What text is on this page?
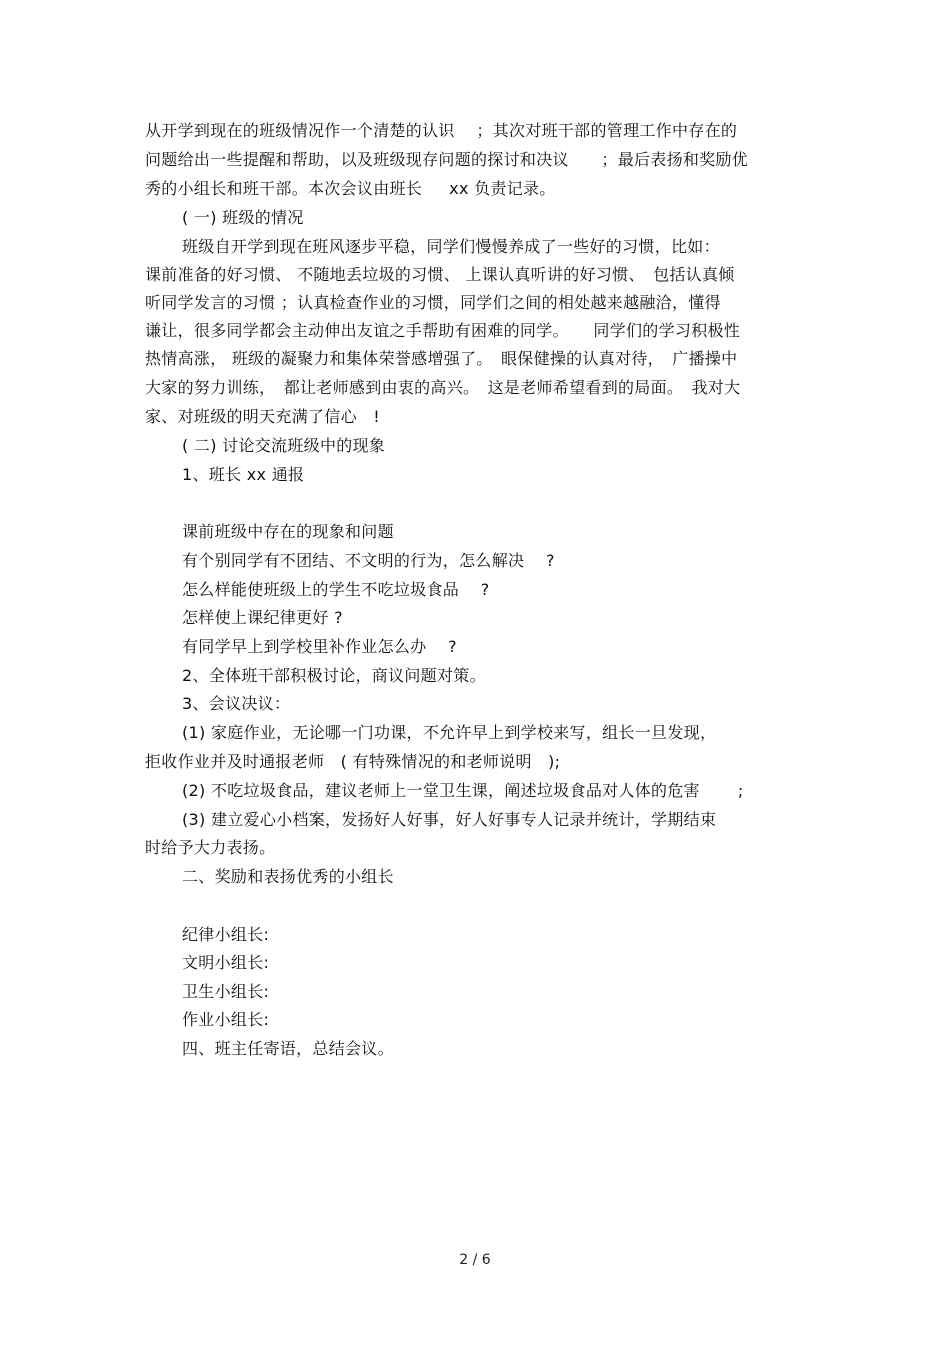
从开学到现在的班级情况作一个清楚的认识　 ；其次对班干部的管理工作中存在的
问题给出一些提醒和帮助，以及班级现存问题的探讨和决议　　；最后表扬和奖励优
秀的小组长和班干部。本次会议由班长　  xx 负责记录。
( 一) 班级的情况
班级自开学到现在班风逐步平稳，同学们慢慢养成了一些好的习惯，比如：
课前准备的好习惯、 不随地丢垃圾的习惯、 上课认真听讲的好习惯、　包括认真倾
听同学发言的习惯 ；认真检查作业的习惯，同学们之间的相处越来越融洽，懂得
谦让，很多同学都会主动伸出友谊之手帮助有困难的同学。　　同学们的学习积极性
热情高涨， 班级的凝聚力和集体荣誉感增强了。　眼保健操的认真对待，　广播操中
大家的努力训练，　都让老师感到由衷的高兴。　这是老师希望看到的局面。　我对大
家、对班级的明天充满了信心　!
( 二) 讨论交流班级中的现象
1、班长 xx 通报
课前班级中存在的现象和问题
有个别同学有不团结、不文明的行为，怎么解决　 ?
怎么样能使班级上的学生不吃垃圾食品　 ?
怎样使上课纪律更好 ?
有同学早上到学校里补作业怎么办　 ?
2、全体班干部积极讨论，商议问题对策。
3、会议决议：
(1) 家庭作业，无论哪一门功课，不允许早上到学校来写，组长一旦发现，
拒收作业并及时通报老师　( 有特殊情况的和老师说明　);
(2) 不吃垃圾食品，建议老师上一堂卫生课，阐述垃圾食品对人体的危害　　 ;
(3) 建立爱心小档案，发扬好人好事，好人好事专人记录并统计，学期结束
时给予大力表扬。
二、奖励和表扬优秀的小组长
纪律小组长:
文明小组长:
卫生小组长:
作业小组长:
四、班主任寄语，总结会议。
2 / 6
